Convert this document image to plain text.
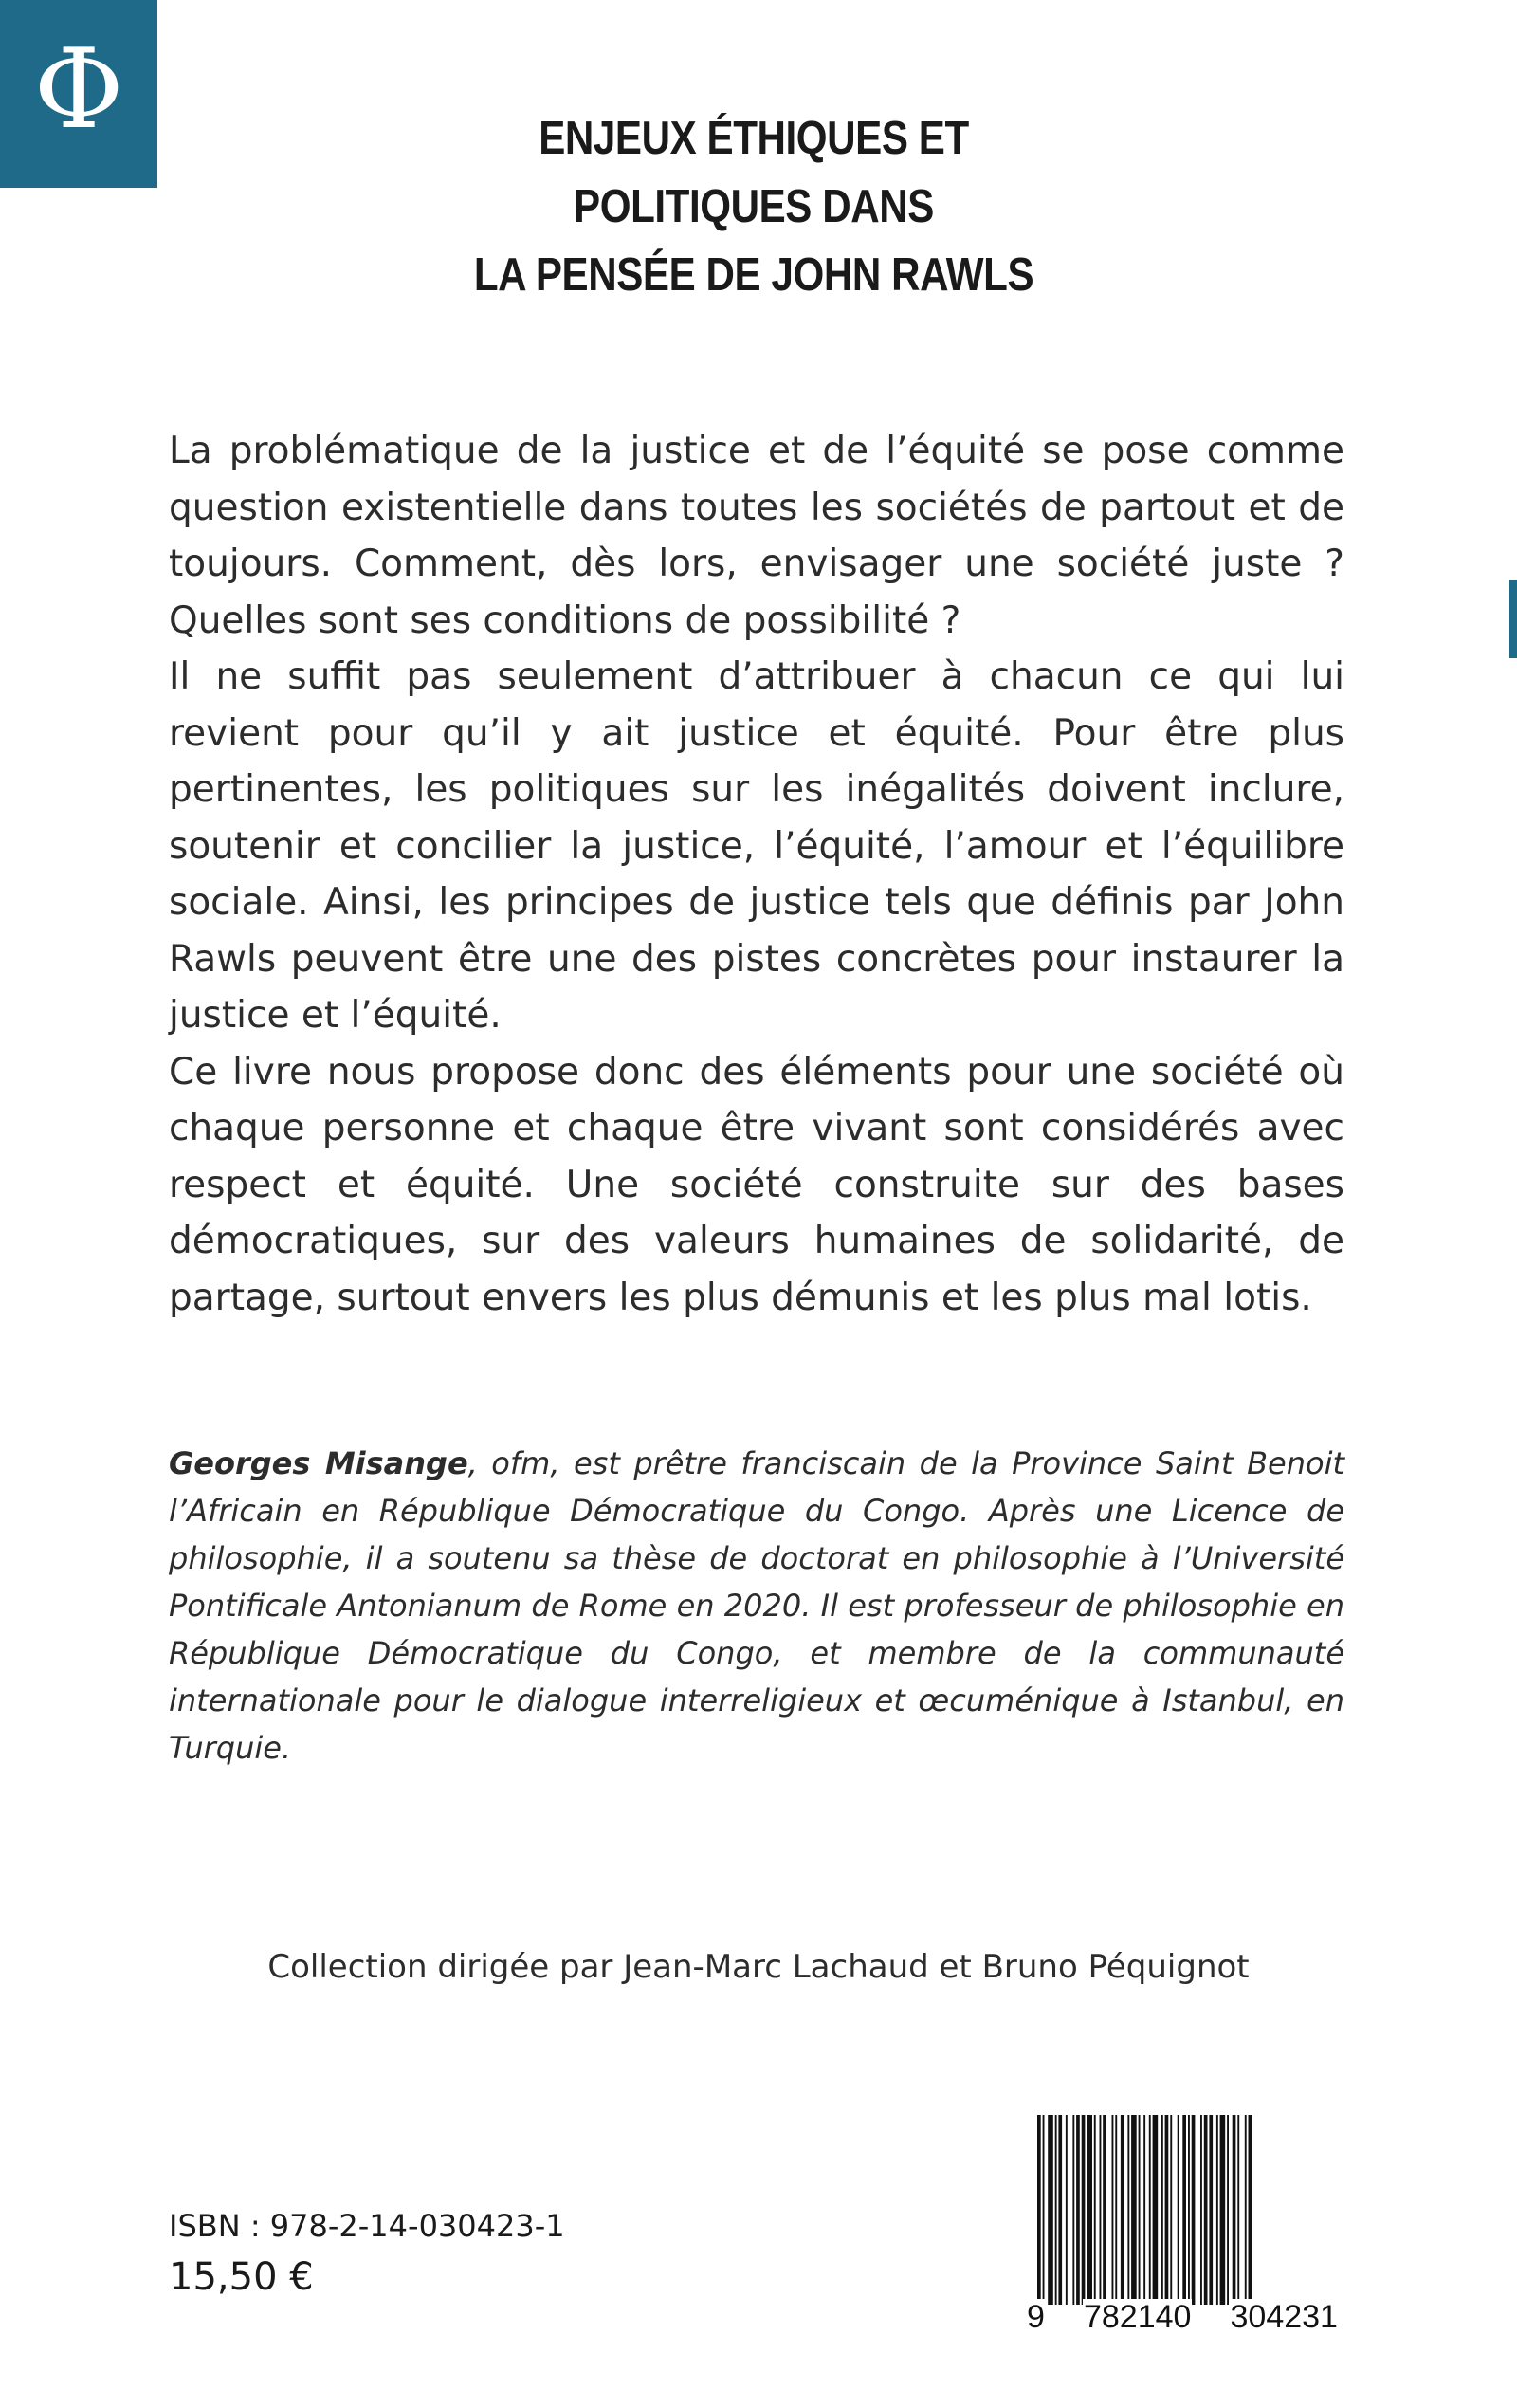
Φ	ENJEUX ÉTHIQUES ET
POLITIQUES DANS
LA PENSÉE DE JOHN RAWLS

La problématique de la justice et de l’équité se pose comme question existentielle dans toutes les sociétés de partout et de toujours. Comment, dès lors, envisager une société juste ? Quelles sont ses conditions de possibilité ?

Il ne suffit pas seulement d’attribuer à chacun ce qui lui revient pour qu’il y ait justice et équité. Pour être plus pertinentes, les politiques sur les inégalités doivent inclure, soutenir et concilier la justice, l’équité, l’amour et l’équilibre sociale. Ainsi, les principes de justice tels que définis par John Rawls peuvent être une des pistes concrètes pour instaurer la justice et l’équité.

Ce livre nous propose donc des éléments pour une société où chaque personne et chaque être vivant sont considérés avec respect et équité. Une société construite sur des bases démocratiques, sur des valeurs humaines de solidarité, de partage, surtout envers les plus démunis et les plus mal lotis.

Georges Misange, ofm, est prêtre franciscain de la Province Saint Benoit l’Africain en République Démocratique du Congo. Après une Licence de philosophie, il a soutenu sa thèse de doctorat en philosophie à l’Université Pontificale Antonianum de Rome en 2020. Il est professeur de philosophie en République Démocratique du Congo, et membre de la communauté internationale pour le dialogue interreligieux et œcuménique à Istanbul, en Turquie.
Collection dirigée par Jean-Marc Lachaud et Bruno Péquignot
ISBN : 978-2-14-030423-1
15,50 €
9 782140 304231
